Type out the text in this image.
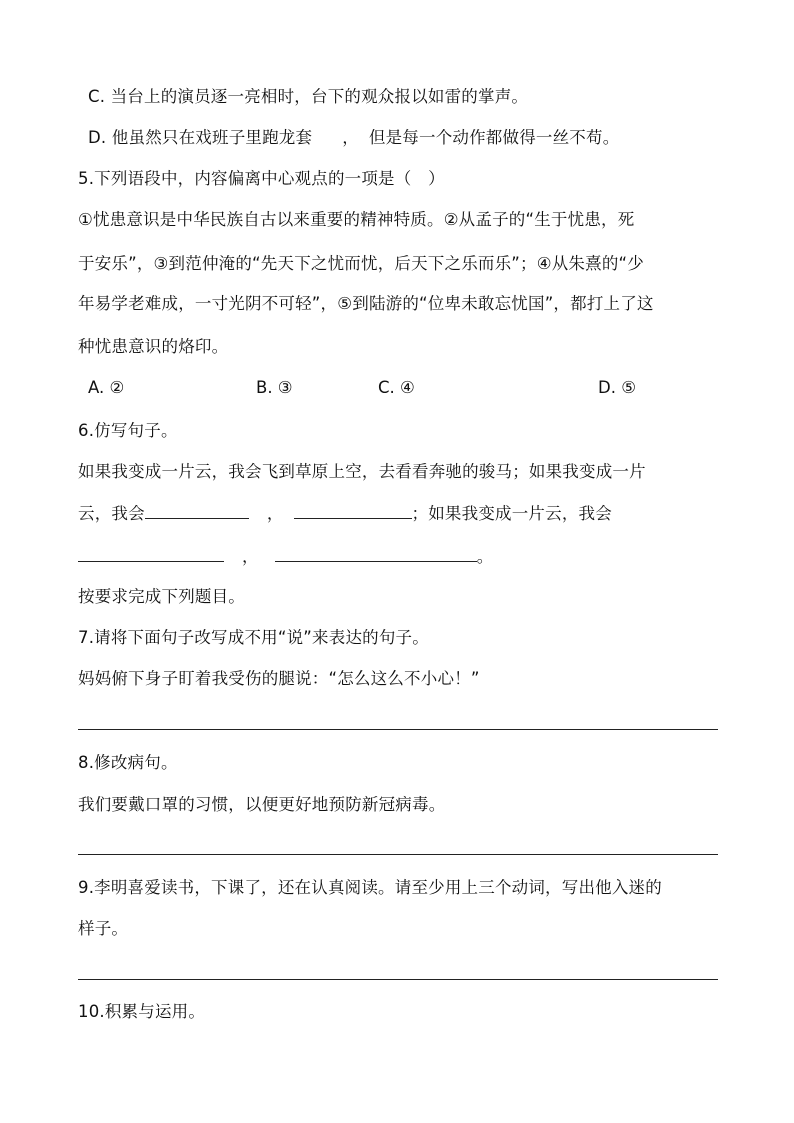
C. 当台上的演员逐一亮相时，台下的观众报以如雷的掌声。
D. 他虽然只在戏班子里跑龙套 ， 但是每一个动作都做得一丝不苟。
5.下列语段中，内容偏离中心观点的一项是（　）
①忧患意识是中华民族自古以来重要的精神特质。②从孟子的“生于忧患，死
于安乐”，③到范仲淹的“先天下之忧而忧，后天下之乐而乐”；④从朱熹的“少
年易学老难成，一寸光阴不可轻”，⑤到陆游的“位卑未敢忘忧国”，都打上了这
种忧患意识的烙印。
A. ②	B. ③	C. ④	D. ⑤
6.仿写句子。
如果我变成一片云，我会飞到草原上空，去看看奔驰的骏马；如果我变成一片
云，我会	，	；如果我变成一片云，我会
，	。
按要求完成下列题目。
7.请将下面句子改写成不用“说”来表达的句子。
妈妈俯下身子盯着我受伤的腿说：“怎么这么不小心！”
8.修改病句。
我们要戴口罩的习惯，以便更好地预防新冠病毒。
9.李明喜爱读书，下课了，还在认真阅读。请至少用上三个动词，写出他入迷的
样子。
10.积累与运用。
